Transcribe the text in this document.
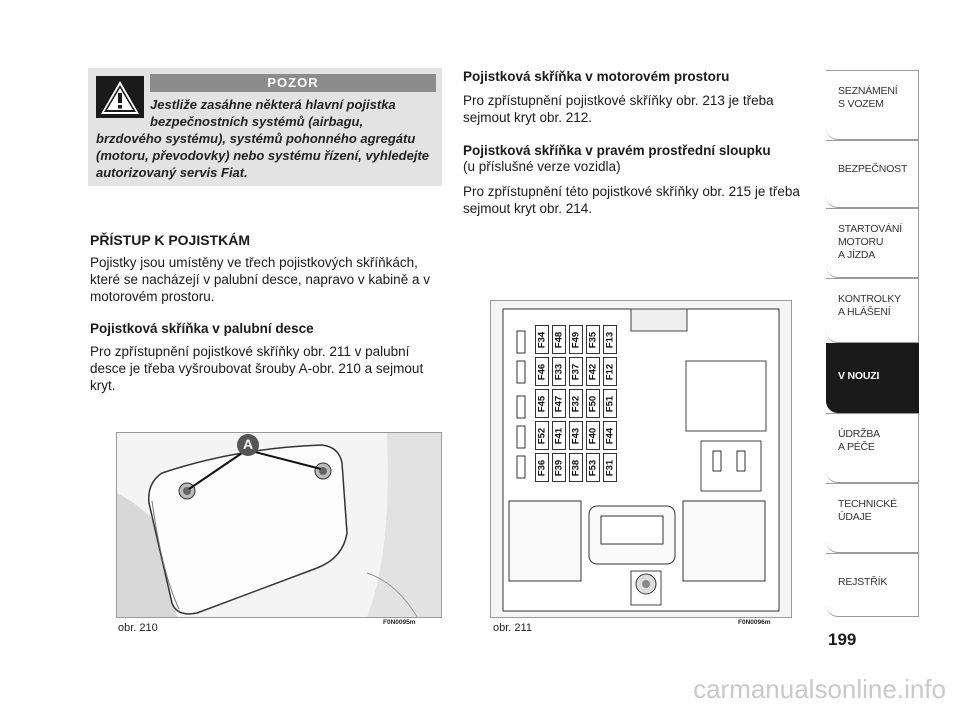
POZOR
Jestliže zasáhne některá hlavní pojistka
bezpečnostních systémů (airbagu,
brzdového systému), systémů pohonného agregátu (motoru, převodovky) nebo systému řízení, vyhledejte autorizovaný servis Fiat.
PŘÍSTUP K POJISTKÁM
Pojistky jsou umístěny ve třech pojistkových skříňkách, které se nacházejí v palubní desce, napravo v kabině a v motorovém prostoru.
Pojistková skříňka v palubní desce
Pro zpřístupnění pojistkové skříňky obr. 211 v palubní desce je třeba vyšroubovat šrouby A-obr. 210 a sejmout kryt.
Pojistková skříňka v motorovém prostoru
Pro zpřístupnění pojistkové skříňky obr. 213 je třeba sejmout kryt obr. 212.
Pojistková skříňka v pravém prostřední sloupku
(u příslušné verze vozidla)
Pro zpřístupnění této pojistkové skříňky obr. 215 je třeba sejmout kryt obr. 214.
A
obr. 210	F0N0095m
F36
F52
F45
F46
F34
F39
F41
F47
F33
F48
F38
F43
F32
F37
F49
F53
F40
F50
F42
F35
F31
F44
F51
F12
F13
obr. 211	F0N0096m
SEZNÁMENÍ
S VOZEM
BEZPEČNOST
STARTOVÁNÍ
MOTORU
A JÍZDA
KONTROLKY
A HLÁŠENÍ
V NOUZI
ÚDRŽBA
A PÉČE
TECHNICKÉ
ÚDAJE
REJSTŘÍK
199
carmanualsonline.info
